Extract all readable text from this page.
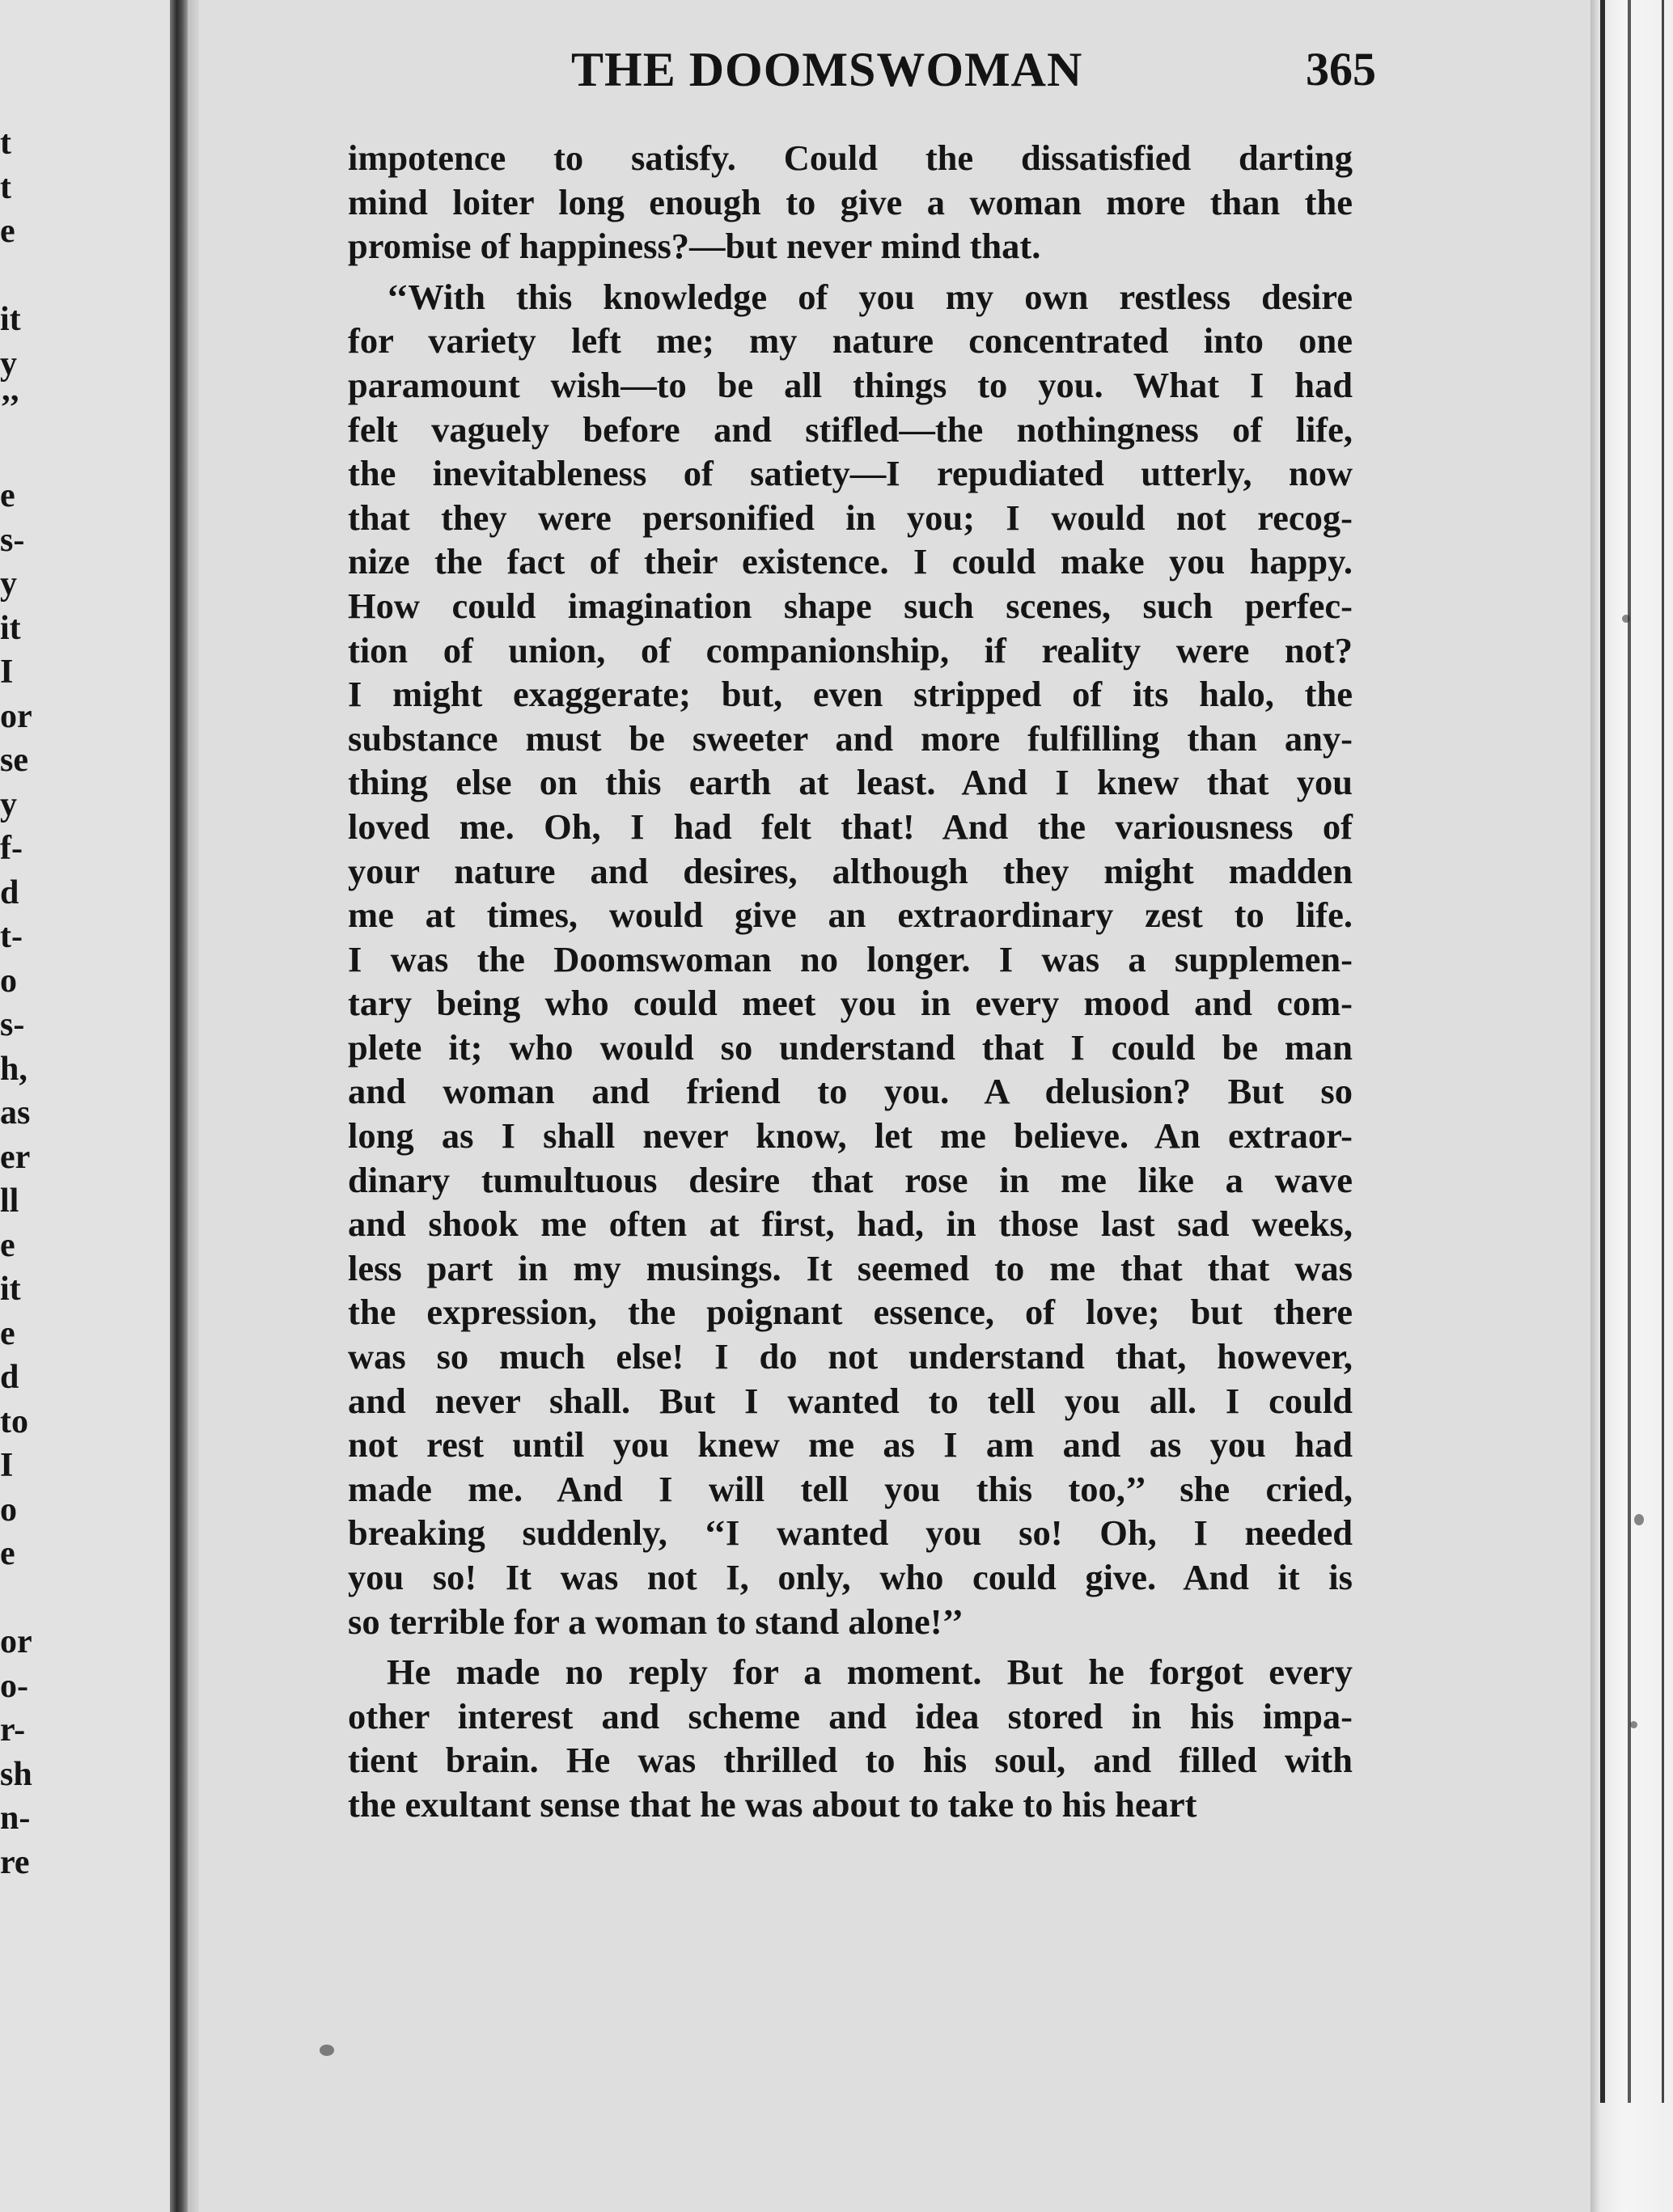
t
t
e
it
y
’’
e
s-
y
it
I
or
se
y
f-
d
t-
o
s-
h,
as
er
ll
e
it
e
d
to
I
o
e
or
o-
r-
sh
n-
re
THE DOOMSWOMAN	365
impotence to satisfy. Could the dissatisfied darting
mind loiter long enough to give a woman more than the
promise of happiness?—but never mind that.
‘‘With this knowledge of you my own restless desire
for variety left me; my nature concentrated into one
paramount wish—to be all things to you. What I had
felt vaguely before and stifled—the nothingness of life,
the inevitableness of satiety—I repudiated utterly, now
that they were personified in you; I would not recog-
nize the fact of their existence. I could make you happy.
How could imagination shape such scenes, such perfec-
tion of union, of companionship, if reality were not?
I might exaggerate; but, even stripped of its halo, the
substance must be sweeter and more fulfilling than any-
thing else on this earth at least. And I knew that you
loved me. Oh, I had felt that! And the variousness of
your nature and desires, although they might madden
me at times, would give an extraordinary zest to life.
I was the Doomswoman no longer. I was a supplemen-
tary being who could meet you in every mood and com-
plete it; who would so understand that I could be man
and woman and friend to you. A delusion? But so
long as I shall never know, let me believe. An extraor-
dinary tumultuous desire that rose in me like a wave
and shook me often at first, had, in those last sad weeks,
less part in my musings. It seemed to me that that was
the expression, the poignant essence, of love; but there
was so much else! I do not understand that, however,
and never shall. But I wanted to tell you all. I could
not rest until you knew me as I am and as you had
made me. And I will tell you this too,’’ she cried,
breaking suddenly, ‘‘I wanted you so! Oh, I needed
you so! It was not I, only, who could give. And it is
so terrible for a woman to stand alone!’’
He made no reply for a moment. But he forgot every
other interest and scheme and idea stored in his impa-
tient brain. He was thrilled to his soul, and filled with
the exultant sense that he was about to take to his heart
